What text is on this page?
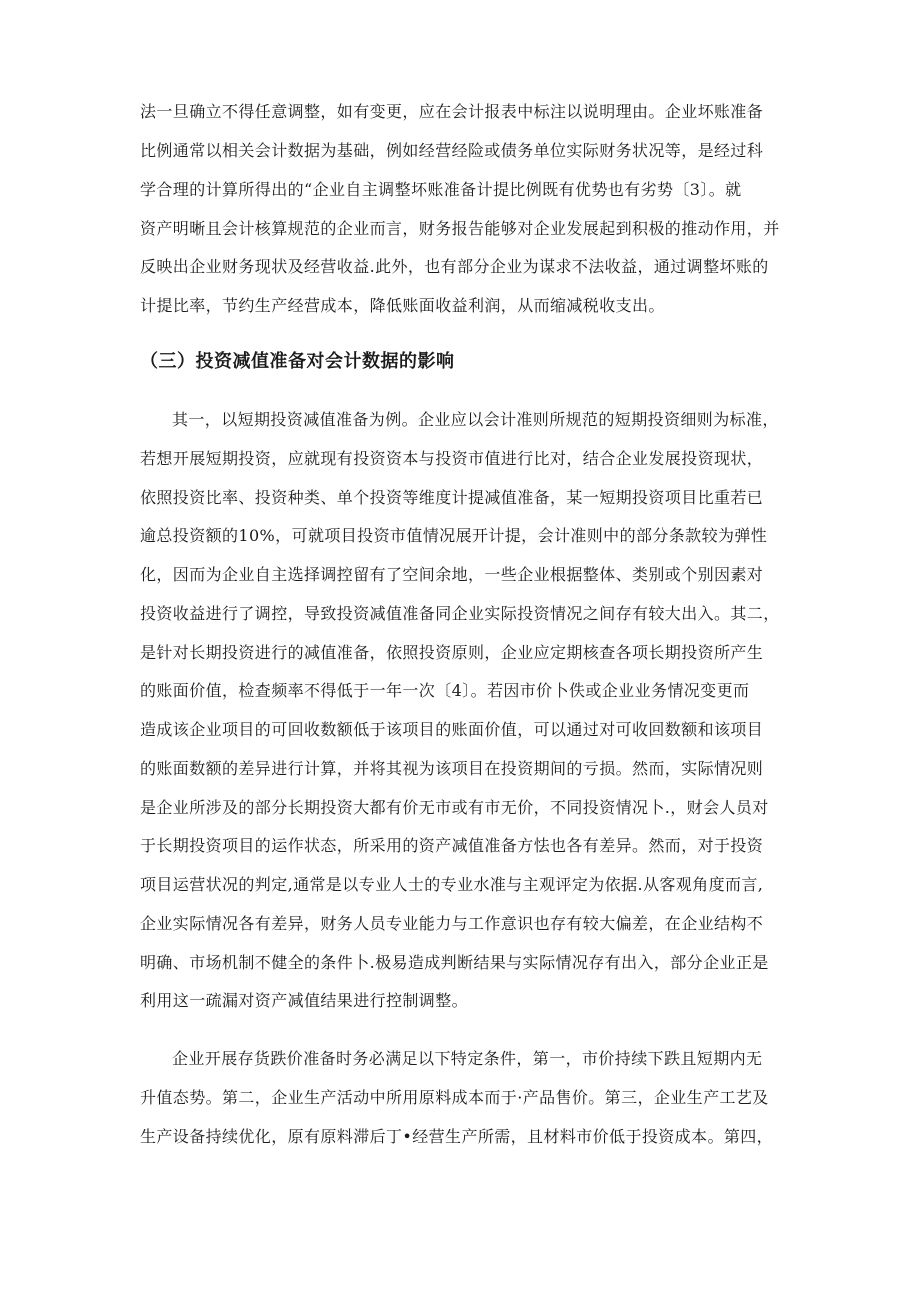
法一旦确立不得任意调整，如有变更，应在会计报表中标注以说明理由。企业坏账准备
比例通常以相关会计数据为基础，例如经营经险或债务单位实际财务状况等，是经过科
学合理的计算所得出的“企业自主调整坏账准备计提比例既有优势也有劣势〔3〕。就
资产明晰且会计核算规范的企业而言，财务报告能够对企业发展起到积极的推动作用，并
反映出企业财务现状及经营收益.此外，也有部分企业为谋求不法收益，通过调整坏账的
计提比率，节约生产经营成本，降低账面收益利润，从而缩减税收支出。
（三）投资减值准备对会计数据的影响
其一，以短期投资减值准备为例。企业应以会计准则所规范的短期投资细则为标准，
若想开展短期投资，应就现有投资资本与投资市值进行比对，结合企业发展投资现状，
依照投资比率、投资种类、单个投资等维度计提减值准备，某一短期投资项目比重若已
逾总投资额的10%，可就项目投资市值情况展开计提，会计准则中的部分条款较为弹性
化，因而为企业自主选择调控留有了空间余地，一些企业根据整体、类别或个别因素对
投资收益进行了调控，导致投资减值准备同企业实际投资情况之间存有较大出入。其二，
是针对长期投资进行的减值准备，依照投资原则，企业应定期核查各项长期投资所产生
的账面价值，检查频率不得低于一年一次〔4〕。若因市价卜佚或企业业务情况变更而
造成该企业项目的可回收数额低于该项目的账面价值，可以通过对可收回数额和该项目
的账面数额的差异进行计算，并将其视为该项目在投资期间的亏损。然而，实际情况则
是企业所涉及的部分长期投资大都有价无市或有市无价，不同投资情况卜.，财会人员对
于长期投资项目的运作状态，所采用的资产减值准备方怯也各有差异。然而，对于投资
项目运营状况的判定,通常是以专业人士的专业水准与主观评定为依据.从客观角度而言,
企业实际情况各有差异，财务人员专业能力与工作意识也存有较大偏差，在企业结构不
明确、市场机制不健全的条件卜.极易造成判断结果与实际情况存有出入，部分企业正是
利用这一疏漏对资产减值结果进行控制调整。
企业开展存货跌价准备时务必满足以下特定条件，第一，市价持续下跌且短期内无
升值态势。第二，企业生产活动中所用原料成本而于·产品售价。第三，企业生产工艺及
生产设备持续优化，原有原料滞后丁•经营生产所需，且材料市价低于投资成本。第四，
